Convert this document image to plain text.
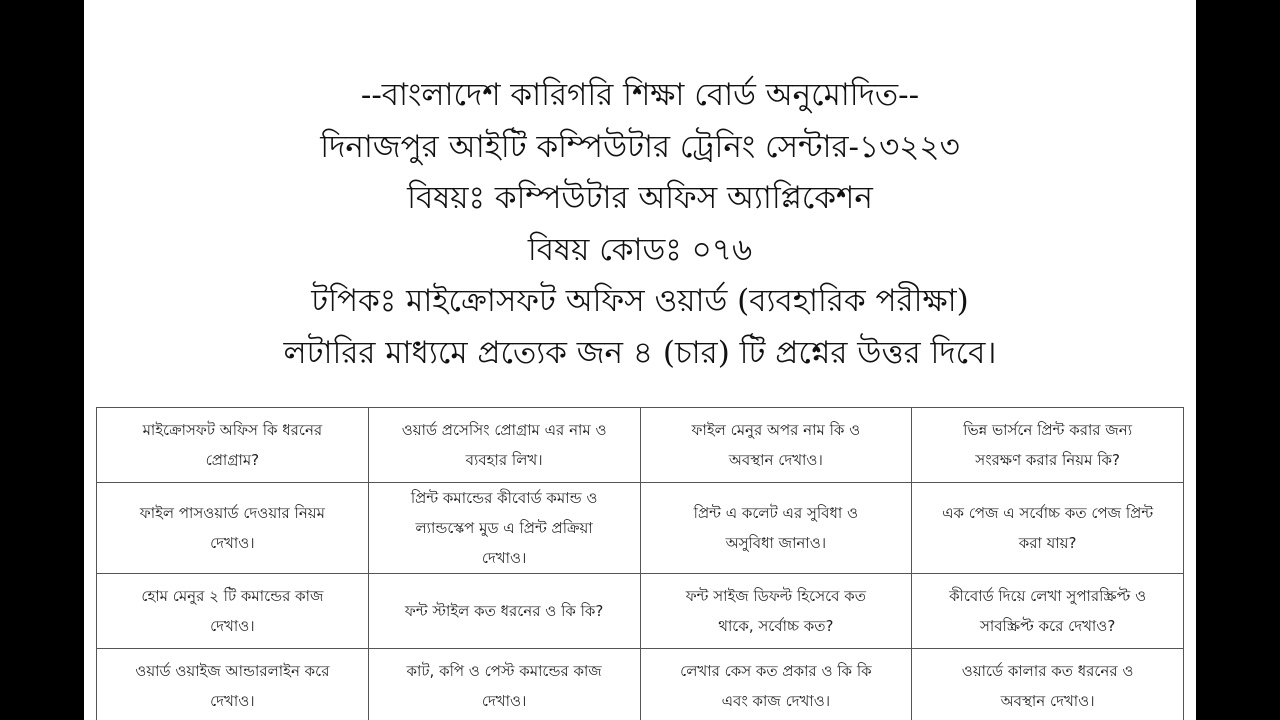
--বাংলাদেশ কারিগরি শিক্ষা বোর্ড অনুমোদিত--
দিনাজপুর আইটি কম্পিউটার ট্রেনিং সেন্টার-১৩২২৩
বিষয়ঃ কম্পিউটার অফিস অ্যাপ্লিকেশন
বিষয় কোডঃ ০৭৬
টপিকঃ মাইক্রোসফট অফিস ওয়ার্ড (ব্যবহারিক পরীক্ষা)
লটারির মাধ্যমে প্রত্যেক জন ৪ (চার) টি প্রশ্নের উত্তর দিবে।
মাইক্রোসফট অফিস কি ধরনের প্রোগ্রাম?	ওয়ার্ড প্রসেসিং প্রোগ্রাম এর নাম ও ব্যবহার লিখ।	ফাইল মেনুর অপর নাম কি ও অবস্থান দেখাও।	ভিন্ন ভার্সনে প্রিন্ট করার জন্য সংরক্ষণ করার নিয়ম কি?
ফাইল পাসওয়ার্ড দেওয়ার নিয়ম দেখাও।	প্রিন্ট কমান্ডের কীবোর্ড কমান্ড ও ল্যান্ডস্কেপ মুড এ প্রিন্ট প্রক্রিয়া দেখাও।	প্রিন্ট এ কলেট এর সুবিধা ও অসুবিধা জানাও।	এক পেজ এ সর্বোচ্চ কত পেজ প্রিন্ট করা যায়?
হোম মেনুর ২ টি কমান্ডের কাজ দেখাও।	ফন্ট স্টাইল কত ধরনের ও কি কি?	ফন্ট সাইজ ডিফল্ট হিসেবে কত থাকে, সর্বোচ্চ কত?	কীবোর্ড দিয়ে লেখা সুপারস্ক্রিপ্ট ও সাবস্ক্রিপ্ট করে দেখাও?
ওয়ার্ড ওয়াইজ আন্ডারলাইন করে দেখাও।	কাট, কপি ও পেস্ট কমান্ডের কাজ দেখাও।	লেখার কেস কত প্রকার ও কি কি এবং কাজ দেখাও।	ওয়ার্ডে কালার কত ধরনের ও অবস্থান দেখাও।
